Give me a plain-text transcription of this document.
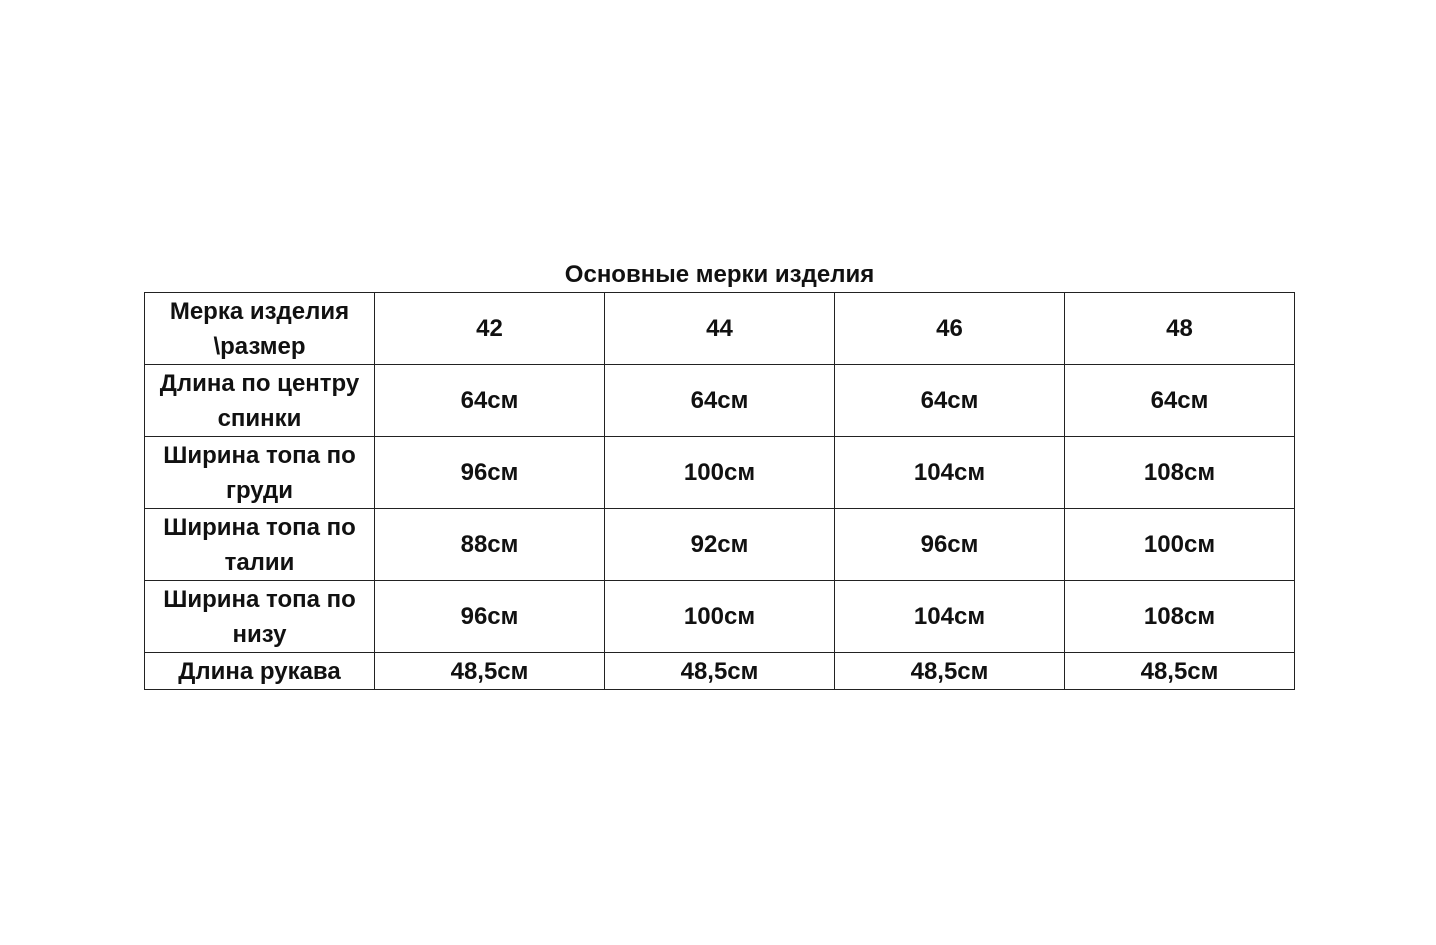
Основные мерки изделия
Мерка изделия \размер	42	44	46	48
Длина по центру спинки	64см	64см	64см	64см
Ширина топа по груди	96см	100см	104см	108см
Ширина топа по талии	88см	92см	96см	100см
Ширина топа по низу	96см	100см	104см	108см
Длина рукава	48,5см	48,5см	48,5см	48,5см
